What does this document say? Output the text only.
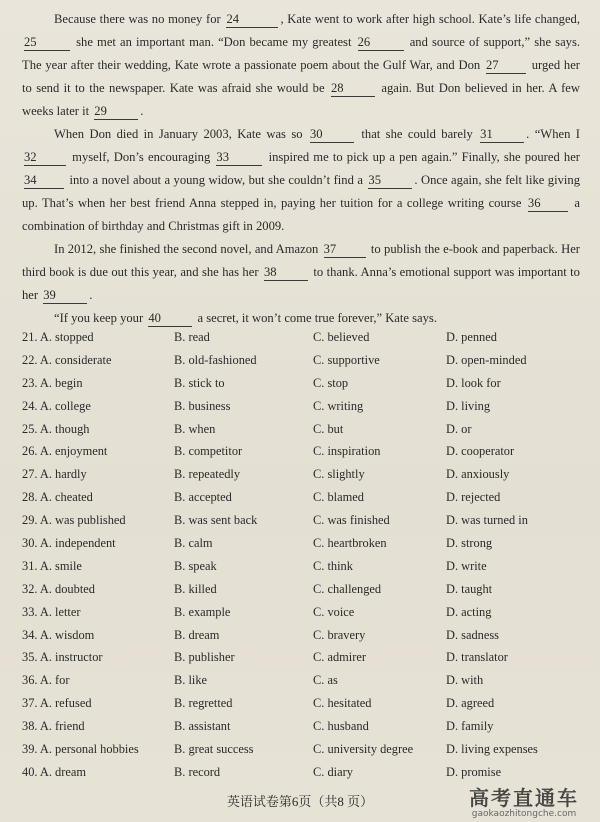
Because there was no money for 24	, Kate went to work after high school. Kate’s life changed,25	she met an important man. “Don became my greatest 26	and source of support,” she says. The year after their wedding, Kate wrote a passionate poem about the Gulf War, and Don 27 urged her to send it to the newspaper. Kate was afraid she would be 28	again. But Don believed in her. A few weeks later it 29	.

When Don died in January 2003, Kate was so 30	that she could barely 31	. “When I 32 myself, Don’s encouraging 33	inspired me to pick up a pen again.” Finally, she poured her 34 into a novel about a young widow, but she couldn’t find a 35	. Once again, she felt like giving up. That’s when her best friend Anna stepped in, paying her tuition for a college writing course 36 a combination of birthday and Christmas gift in 2009.

In 2012, she finished the second novel, and Amazon 37 to publish the e-book and paperback. Her third book is due out this year, and she has her 38	to thank. Anna’s emotional support was important to her 39	.

“If you keep your 40	a secret, it won’t come true forever,” Kate says.

21. A. stopped	B. read	C. believed	D. penned
22. A. considerate	B. old-fashioned	C. supportive	D. open-minded
23. A. begin	B. stick to	C. stop	D. look for
24. A. college	B. business	C. writing	D. living
25. A. though	B. when	C. but	D. or
26. A. enjoyment	B. competitor	C. inspiration	D. cooperator
27. A. hardly	B. repeatedly	C. slightly	D. anxiously
28. A. cheated	B. accepted	C. blamed	D. rejected
29. A. was published	B. was sent back	C. was finished	D. was turned in
30. A. independent	B. calm	C. heartbroken	D. strong
31. A. smile	B. speak	C. think	D. write
32. A. doubted	B. killed	C. challenged	D. taught
33. A. letter	B. example	C. voice	D. acting
34. A. wisdom	B. dream	C. bravery	D. sadness
35. A. instructor	B. publisher	C. admirer	D. translator
36. A. for	B. like	C. as	D. with
37. A. refused	B. regretted	C. hesitated	D. agreed
38. A. friend	B. assistant	C. husband	D. family
39. A. personal hobbies	B. great success	C. university degree	D. living expenses
40. A. dream	B. record	C. diary	D. promise
英语试卷第6页（共8 页）	高考直通车
gaokaozhitongche.com
